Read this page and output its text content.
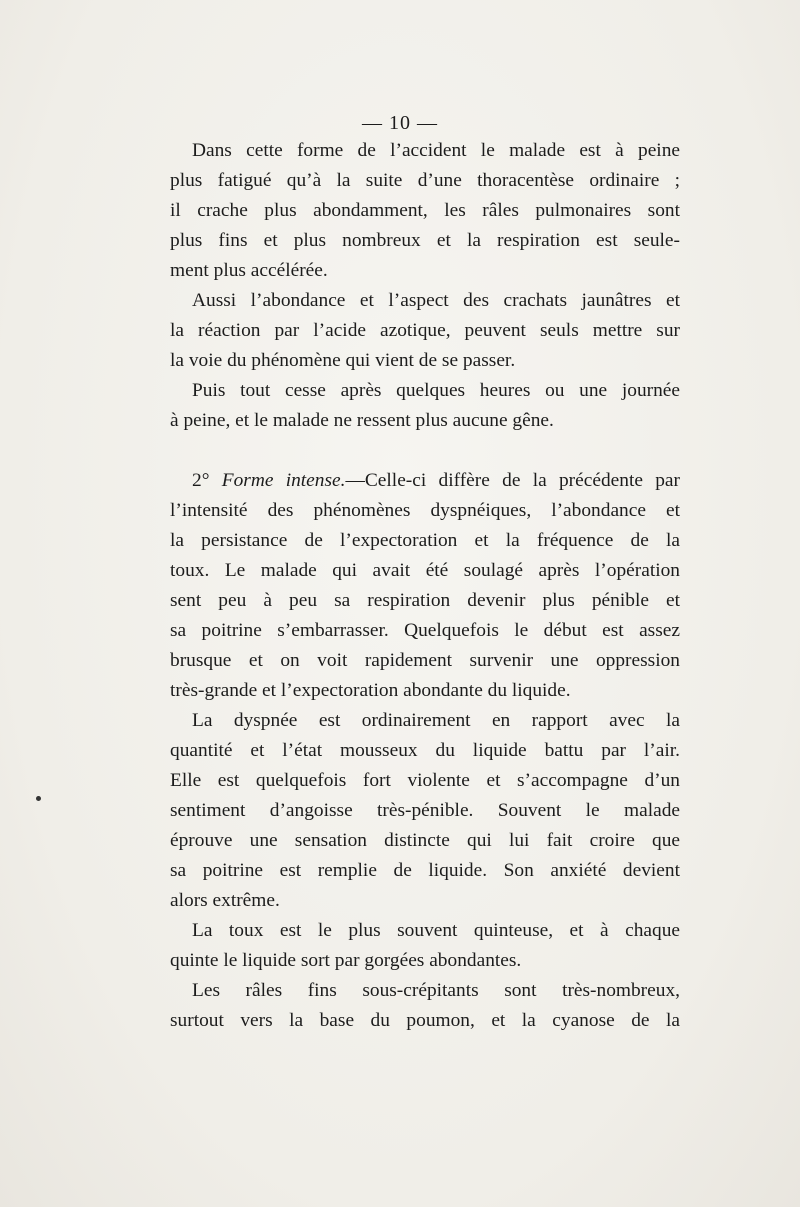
— 10 —
Dans cette forme de l’accident le malade est à peine
plus fatigué qu’à la suite d’une thoracentèse ordinaire ;
il crache plus abondamment, les râles pulmonaires sont
plus fins et plus nombreux et la respiration est seule-
ment plus accélérée.
Aussi l’abondance et l’aspect des crachats jaunâtres et
la réaction par l’acide azotique, peuvent seuls mettre sur
la voie du phénomène qui vient de se passer.
Puis tout cesse après quelques heures ou une journée
à peine, et le malade ne ressent plus aucune gêne.
2° Forme intense.—Celle-ci diffère de la précédente par
l’intensité des phénomènes dyspnéiques, l’abondance et
la persistance de l’expectoration et la fréquence de la
toux. Le malade qui avait été soulagé après l’opération
sent peu à peu sa respiration devenir plus pénible et
sa poitrine s’embarrasser. Quelquefois le début est assez
brusque et on voit rapidement survenir une oppression
très-grande et l’expectoration abondante du liquide.
La dyspnée est ordinairement en rapport avec la
quantité et l’état mousseux du liquide battu par l’air.
Elle est quelquefois fort violente et s’accompagne d’un
sentiment d’angoisse très-pénible. Souvent le malade
éprouve une sensation distincte qui lui fait croire que
sa poitrine est remplie de liquide. Son anxiété devient
alors extrême.
La toux est le plus souvent quinteuse, et à chaque
quinte le liquide sort par gorgées abondantes.
Les râles fins sous-crépitants sont très-nombreux,
surtout vers la base du poumon, et la cyanose de la
